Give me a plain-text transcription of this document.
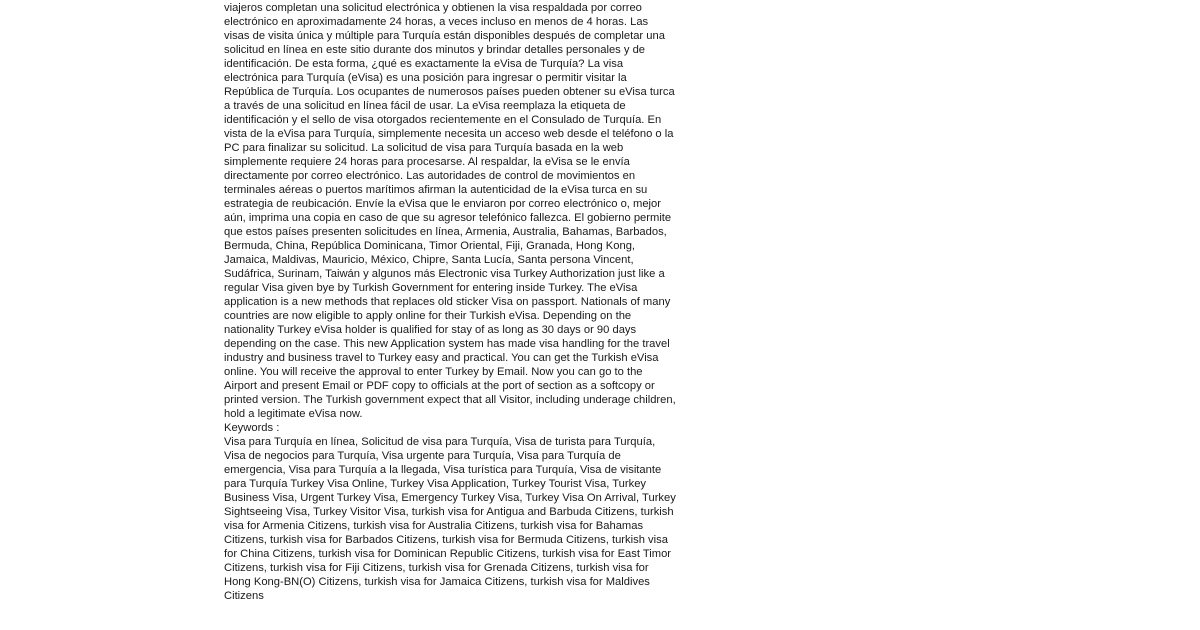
viajeros completan una solicitud electrónica y obtienen la visa respaldada por correo electrónico en aproximadamente 24 horas, a veces incluso en menos de 4 horas. Las visas de visita única y múltiple para Turquía están disponibles después de completar una solicitud en línea en este sitio durante dos minutos y brindar detalles personales y de identificación. De esta forma, ¿qué es exactamente la eVisa de Turquía? La visa electrónica para Turquía (eVisa) es una posición para ingresar o permitir visitar la República de Turquía. Los ocupantes de numerosos países pueden obtener su eVisa turca a través de una solicitud en línea fácil de usar. La eVisa reemplaza la etiqueta de identificación y el sello de visa otorgados recientemente en el Consulado de Turquía. En vista de la eVisa para Turquía, simplemente necesita un acceso web desde el teléfono o la PC para finalizar su solicitud. La solicitud de visa para Turquía basada en la web simplemente requiere 24 horas para procesarse. Al respaldar, la eVisa se le envía directamente por correo electrónico. Las autoridades de control de movimientos en terminales aéreas o puertos marítimos afirman la autenticidad de la eVisa turca en su estrategia de reubicación. Envíe la eVisa que le enviaron por correo electrónico o, mejor aún, imprima una copia en caso de que su agresor telefónico fallezca. El gobierno permite que estos países presenten solicitudes en línea, Armenia, Australia, Bahamas, Barbados, Bermuda, China, República Dominicana, Timor Oriental, Fiji, Granada, Hong Kong, Jamaica, Maldivas, Mauricio, México, Chipre, Santa Lucía, Santa persona Vincent, Sudáfrica, Surinam, Taiwán y algunos más Electronic visa Turkey Authorization just like a regular Visa given bye by Turkish Government for entering inside Turkey. The eVisa application is a new methods that replaces old sticker Visa on passport. Nationals of many countries are now eligible to apply online for their Turkish eVisa. Depending on the nationality Turkey eVisa holder is qualified for stay of as long as 30 days or 90 days depending on the case. This new Application system has made visa handling for the travel industry and business travel to Turkey easy and practical. You can get the Turkish eVisa online. You will receive the approval to enter Turkey by Email. Now you can go to the Airport and present Email or PDF copy to officials at the port of section as a softcopy or printed version. The Turkish government expect that all Visitor, including underage children, hold a legitimate eVisa now.

Keywords :

Visa para Turquía en línea, Solicitud de visa para Turquía, Visa de turista para Turquía, Visa de negocios para Turquía, Visa urgente para Turquía, Visa para Turquía de emergencia, Visa para Turquía a la llegada, Visa turística para Turquía, Visa de visitante para Turquía Turkey Visa Online, Turkey Visa Application, Turkey Tourist Visa, Turkey Business Visa, Urgent Turkey Visa, Emergency Turkey Visa, Turkey Visa On Arrival, Turkey Sightseeing Visa, Turkey Visitor Visa, turkish visa for Antigua and Barbuda Citizens, turkish visa for Armenia Citizens, turkish visa for Australia Citizens, turkish visa for Bahamas Citizens, turkish visa for Barbados Citizens, turkish visa for Bermuda Citizens, turkish visa for China Citizens, turkish visa for Dominican Republic Citizens, turkish visa for East Timor Citizens, turkish visa for Fiji Citizens, turkish visa for Grenada Citizens, turkish visa for Hong Kong-BN(O) Citizens, turkish visa for Jamaica Citizens, turkish visa for Maldives Citizens
